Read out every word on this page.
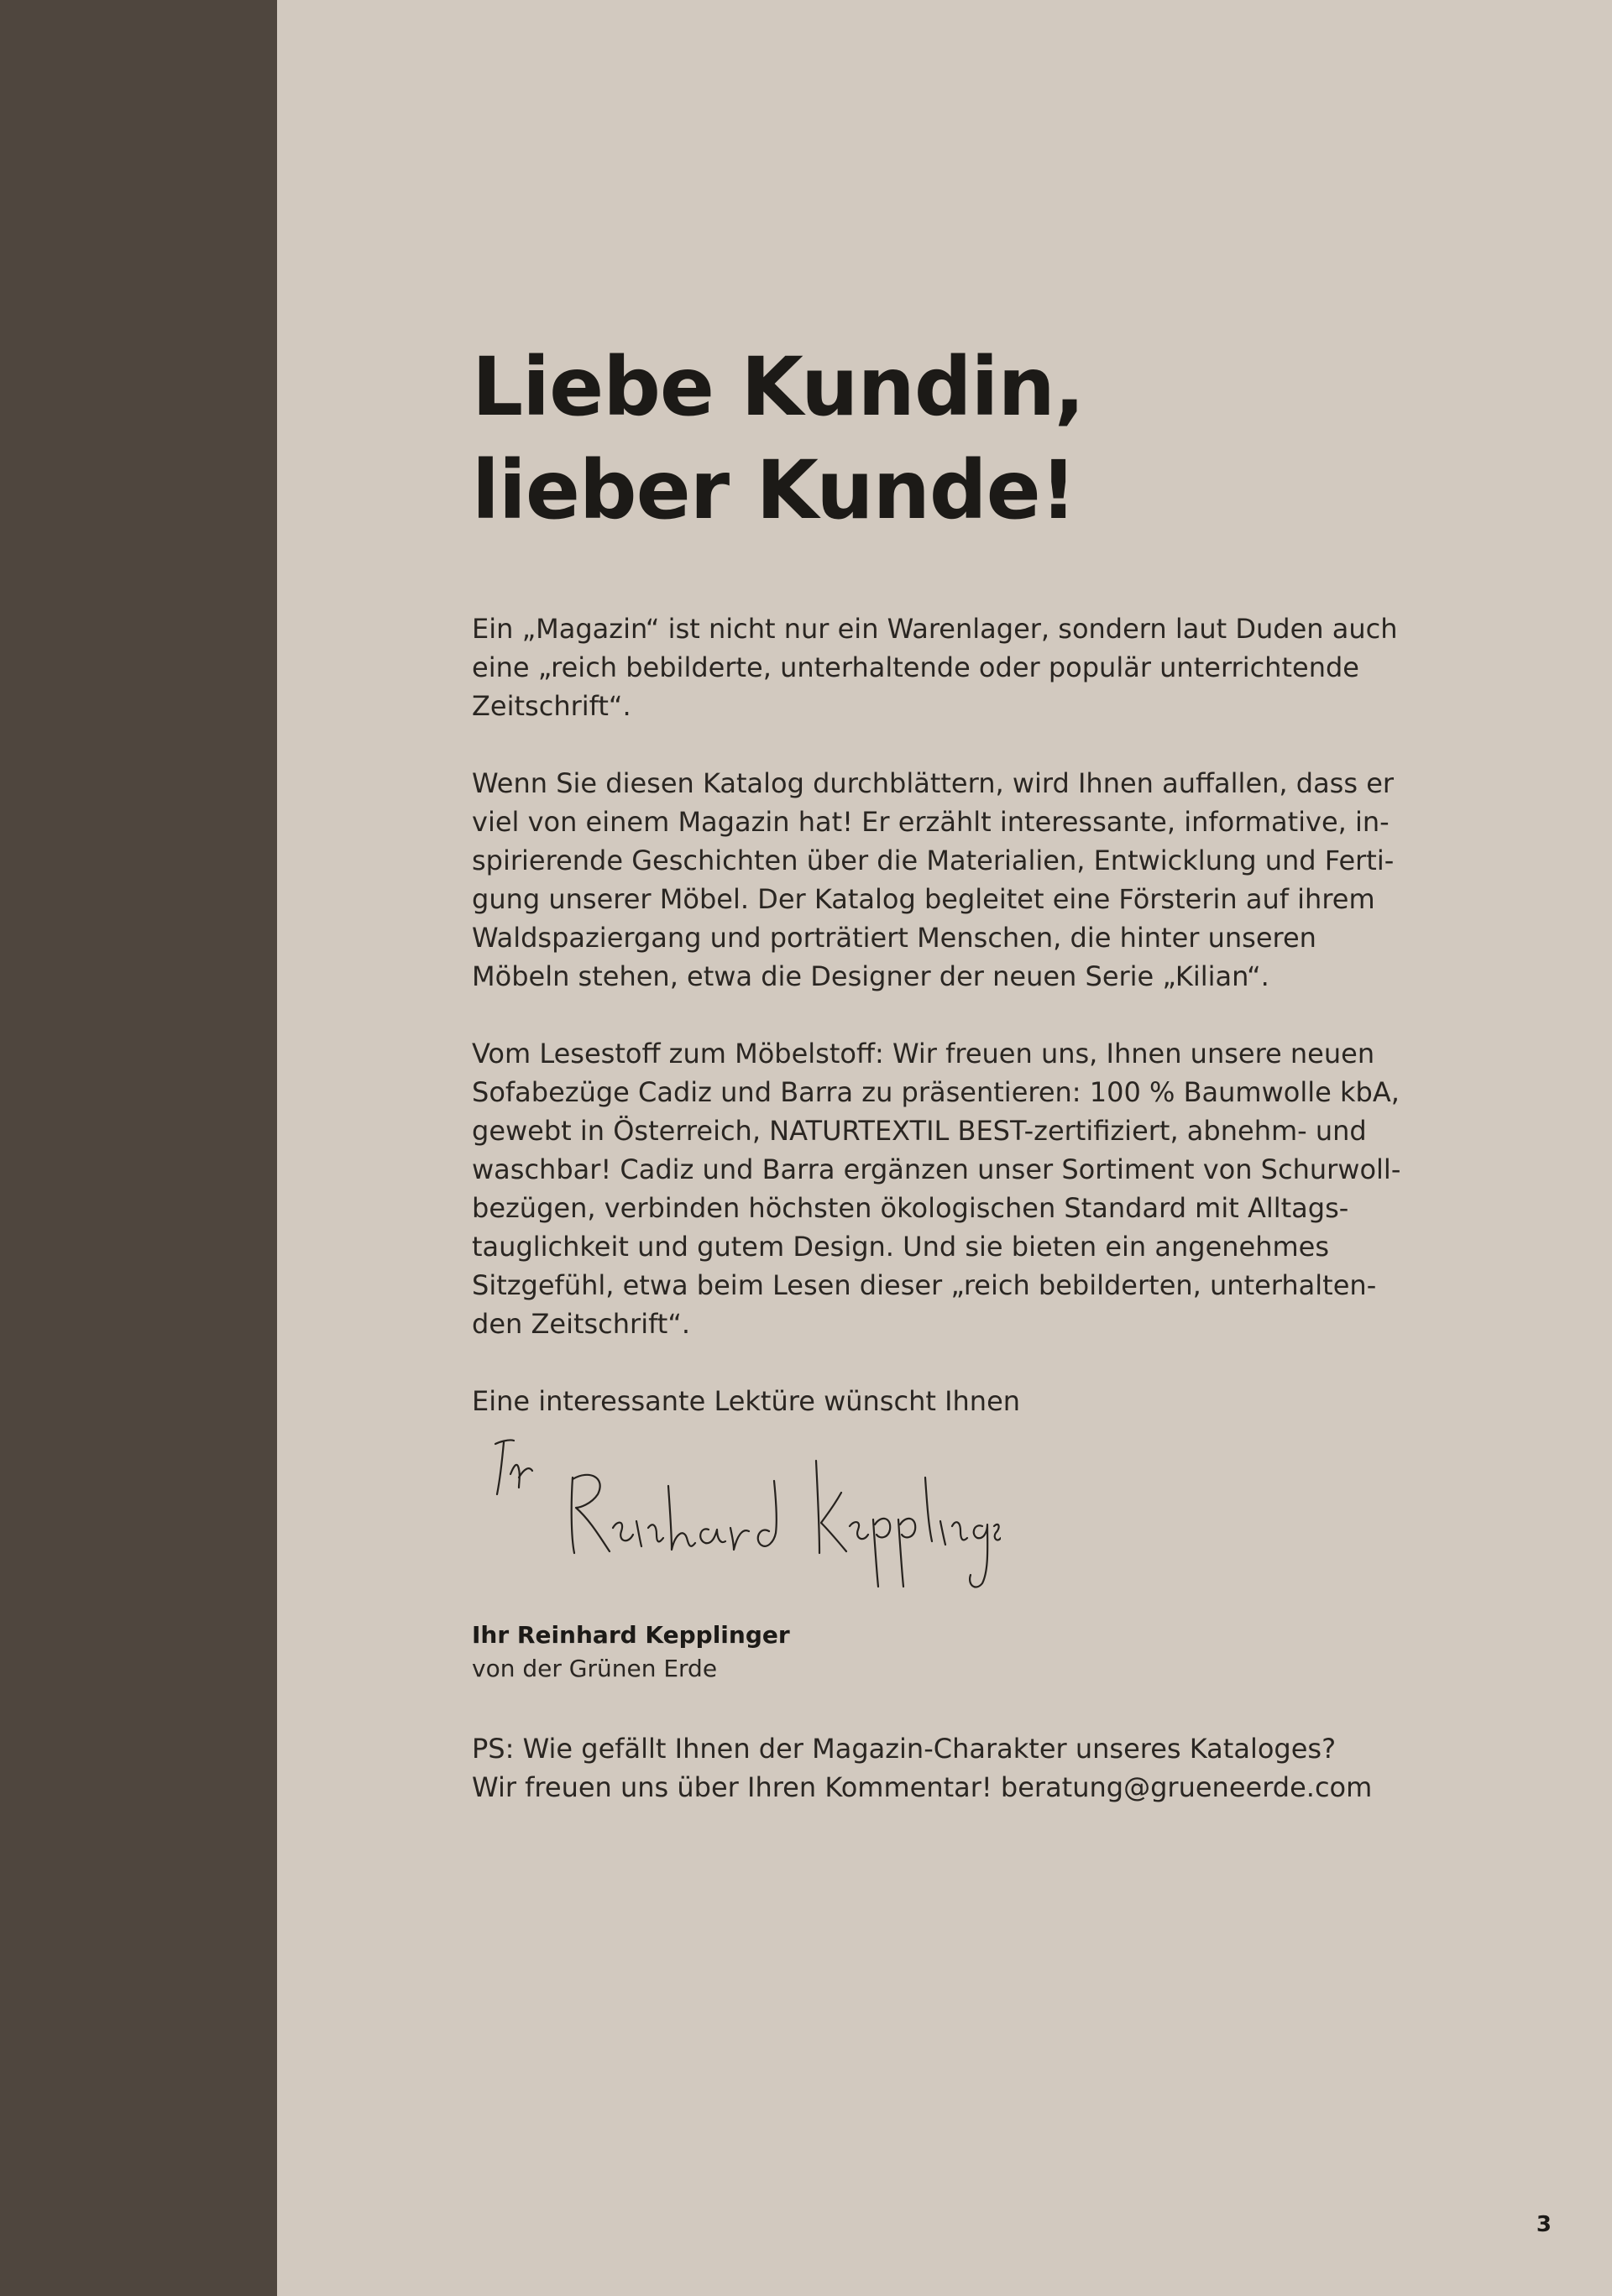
Liebe Kundin,
lieber Kunde!

Ein „Magazin“ ist nicht nur ein Warenlager, sondern laut Duden auch
eine „reich bebilderte, unterhaltende oder populär unterrichtende
Zeitschrift“.

Wenn Sie diesen Katalog durchblättern, wird Ihnen auffallen, dass er
viel von einem Magazin hat! Er erzählt interessante, informative, in-
spirierende Geschichten über die Materialien, Entwicklung und Ferti-
gung unserer Möbel. Der Katalog begleitet eine Försterin auf ihrem
Waldspaziergang und porträtiert Menschen, die hinter unseren
Möbeln stehen, etwa die Designer der neuen Serie „Kilian“.

Vom Lesestoff zum Möbelstoff: Wir freuen uns, Ihnen unsere neuen
Sofabezüge Cadiz und Barra zu präsentieren: 100 % Baumwolle kbA,
gewebt in Österreich, NATURTEXTIL BEST-zertifiziert, abnehm- und
waschbar! Cadiz und Barra ergänzen unser Sortiment von Schurwoll-
bezügen, verbinden höchsten ökologischen Standard mit Alltags-
tauglichkeit und gutem Design. Und sie bieten ein angenehmes
Sitzgefühl, etwa beim Lesen dieser „reich bebilderten, unterhalten-
den Zeitschrift“.

Eine interessante Lektüre wünscht Ihnen

Ihr Reinhard Kepplinger
von der Grünen Erde
PS: Wie gefällt Ihnen der Magazin-Charakter unseres Kataloges?
Wir freuen uns über Ihren Kommentar! beratung@grueneerde.com
3
